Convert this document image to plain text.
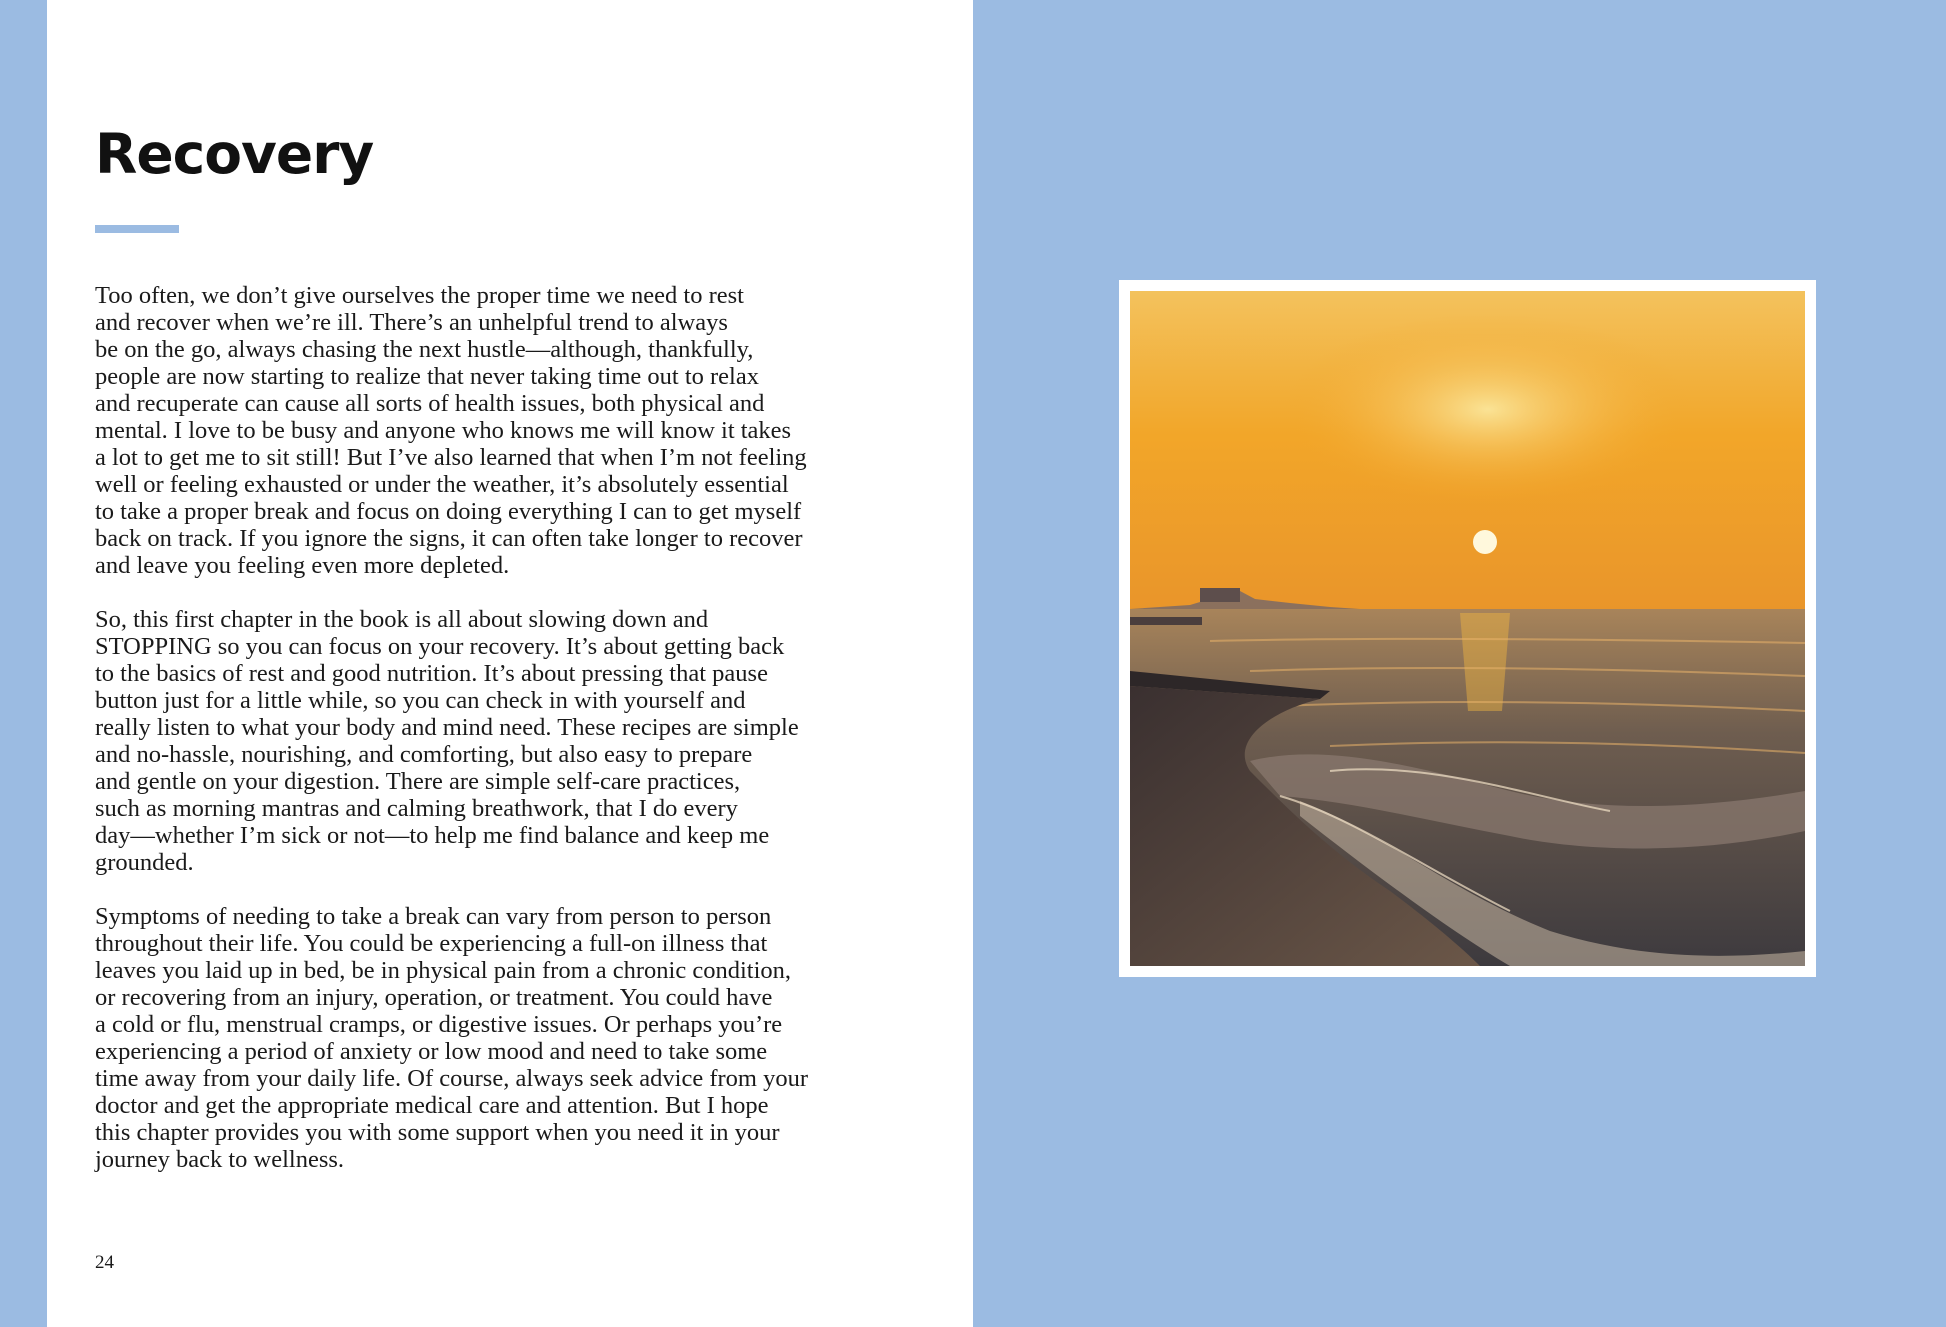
Recovery

Too often, we don’t give ourselves the proper time we need to rest
and recover when we’re ill. There’s an unhelpful trend to always
be on the go, always chasing the next hustle—although, thankfully,
people are now starting to realize that never taking time out to relax
and recuperate can cause all sorts of health issues, both physical and
mental. I love to be busy and anyone who knows me will know it takes
a lot to get me to sit still! But I’ve also learned that when I’m not feeling
well or feeling exhausted or under the weather, it’s absolutely essential
to take a proper break and focus on doing everything I can to get myself
back on track. If you ignore the signs, it can often take longer to recover
and leave you feeling even more depleted.

So, this first chapter in the book is all about slowing down and
STOPPING so you can focus on your recovery. It’s about getting back
to the basics of rest and good nutrition. It’s about pressing that pause
button just for a little while, so you can check in with yourself and
really listen to what your body and mind need. These recipes are simple
and no-hassle, nourishing, and comforting, but also easy to prepare
and gentle on your digestion. There are simple self-care practices,
such as morning mantras and calming breathwork, that I do every
day—whether I’m sick or not—to help me find balance and keep me
grounded.

Symptoms of needing to take a break can vary from person to person
throughout their life. You could be experiencing a full-on illness that
leaves you laid up in bed, be in physical pain from a chronic condition,
or recovering from an injury, operation, or treatment. You could have
a cold or flu, menstrual cramps, or digestive issues. Or perhaps you’re
experiencing a period of anxiety or low mood and need to take some
time away from your daily life. Of course, always seek advice from your
doctor and get the appropriate medical care and attention. But I hope
this chapter provides you with some support when you need it in your
journey back to wellness.

24
